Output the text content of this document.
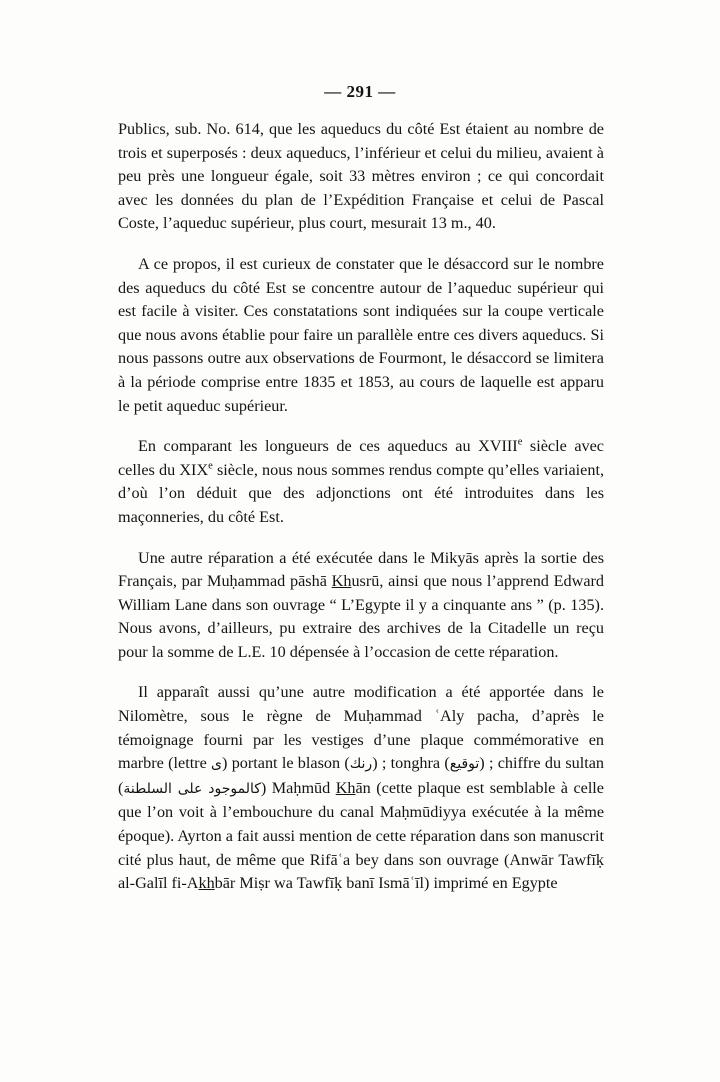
— 291 —

Publics, sub. No. 614, que les aqueducs du côté Est étaient au nombre de trois et superposés : deux aqueducs, l’inférieur et celui du milieu, avaient à peu près une longueur égale, soit 33 mètres environ ; ce qui concordait avec les données du plan de l’Expédition Française et celui de Pascal Coste, l’aqueduc supérieur, plus court, mesurait 13 m., 40.

A ce propos, il est curieux de constater que le désaccord sur le nombre des aqueducs du côté Est se concentre autour de l’aqueduc supérieur qui est facile à visiter. Ces constatations sont indiquées sur la coupe verticale que nous avons établie pour faire un parallèle entre ces divers aqueducs. Si nous passons outre aux observations de Fourmont, le désaccord se limitera à la période comprise entre 1835 et 1853, au cours de laquelle est apparu le petit aqueduc supérieur.

En comparant les longueurs de ces aqueducs au XVIIIe siècle avec celles du XIXe siècle, nous nous sommes rendus compte qu’elles variaient, d’où l’on déduit que des adjonctions ont été introduites dans les maçonneries, du côté Est.

Une autre réparation a été exécutée dans le Mikyās après la sortie des Français, par Muḥammad pāshā Khusrū, ainsi que nous l’apprend Edward William Lane dans son ouvrage “ L’Egypte il y a cinquante ans ” (p. 135). Nous avons, d’ailleurs, pu extraire des archives de la Citadelle un reçu pour la somme de L.E. 10 dépensée à l’occasion de cette réparation.

Il apparaît aussi qu’une autre modification a été apportée dans le Nilomètre, sous le règne de Muḥammad ʿAly pacha, d’après le témoignage fourni par les vestiges d’une plaque commémorative en marbre (lettre ى) portant le blason (رنك) ; tonghra (توقيع) ; chiffre du sultan (كالموجود على السلطنة) Maḥmūd Khān (cette plaque est semblable à celle que l’on voit à l’embouchure du canal Maḥmūdiyya exécutée à la même époque). Ayrton a fait aussi mention de cette réparation dans son manuscrit cité plus haut, de même que Rifāʿa bey dans son ouvrage (Anwār Tawfīḳ al-Galīl fi-Akhbār Miṣr wa Tawfīḳ banī Ismāʿīl) imprimé en Egypte
